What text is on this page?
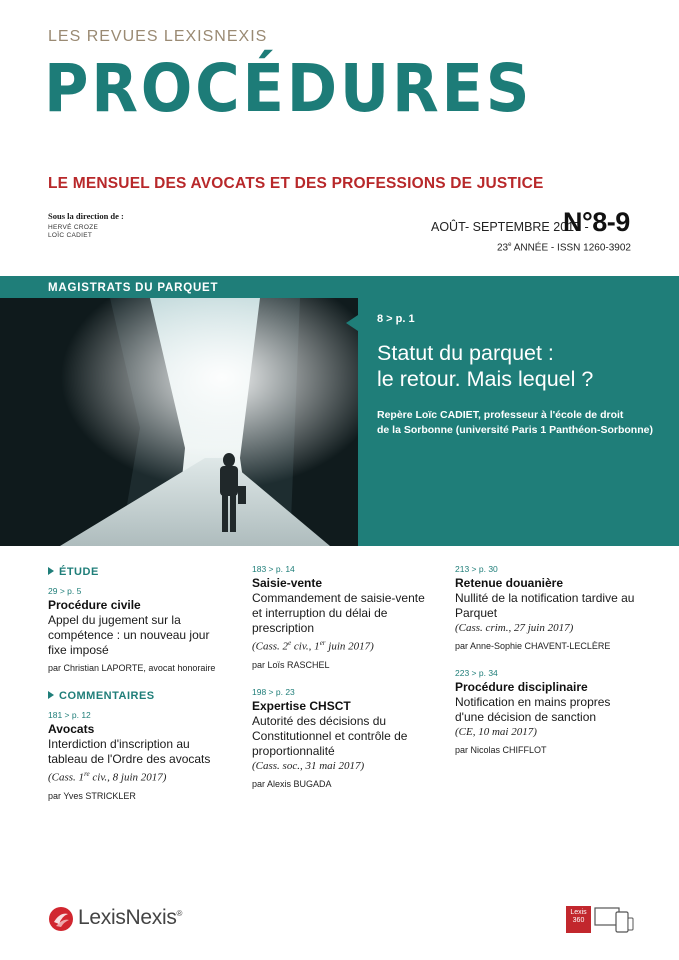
LES REVUES LEXISNEXIS
PROCÉDURES
LE MENSUEL DES AVOCATS ET DES PROFESSIONS DE JUSTICE
Sous la direction de :
HERVÉ CROZE
LOÏC CADIET
AOÛT- SEPTEMBRE 2017 -
N°8-9
23e ANNÉE - ISSN 1260-3902
MAGISTRATS DU PARQUET
8 > p. 1
Statut du parquet :
le retour. Mais lequel ?
Repère Loïc CADIET, professeur à l'école de droit
de la Sorbonne (université Paris 1 Panthéon-Sorbonne)
ÉTUDE
29 > p. 5
Procédure civile
Appel du jugement sur la compétence : un nouveau jour fixe imposé
par Christian LAPORTE, avocat honoraire
COMMENTAIRES
181 > p. 12
Avocats
Interdiction d'inscription au tableau de l'Ordre des avocats
(Cass. 1re civ., 8 juin 2017)
par Yves STRICKLER
183 > p. 14
Saisie-vente
Commandement de saisie-vente et interruption du délai de prescription
(Cass. 2e civ., 1er juin 2017)
par Loïs RASCHEL
198 > p. 23
Expertise CHSCT
Autorité des décisions du Constitutionnel et contrôle de proportionnalité
(Cass. soc., 31 mai 2017)
par Alexis BUGADA
213 > p. 30
Retenue douanière
Nullité de la notification tardive au Parquet
(Cass. crim., 27 juin 2017)
par Anne-Sophie CHAVENT-LECLÈRE
223 > p. 34
Procédure disciplinaire
Notification en mains propres d'une décision de sanction
(CE, 10 mai 2017)
par Nicolas CHIFFLOT
LexisNexis®	Lexis 360
